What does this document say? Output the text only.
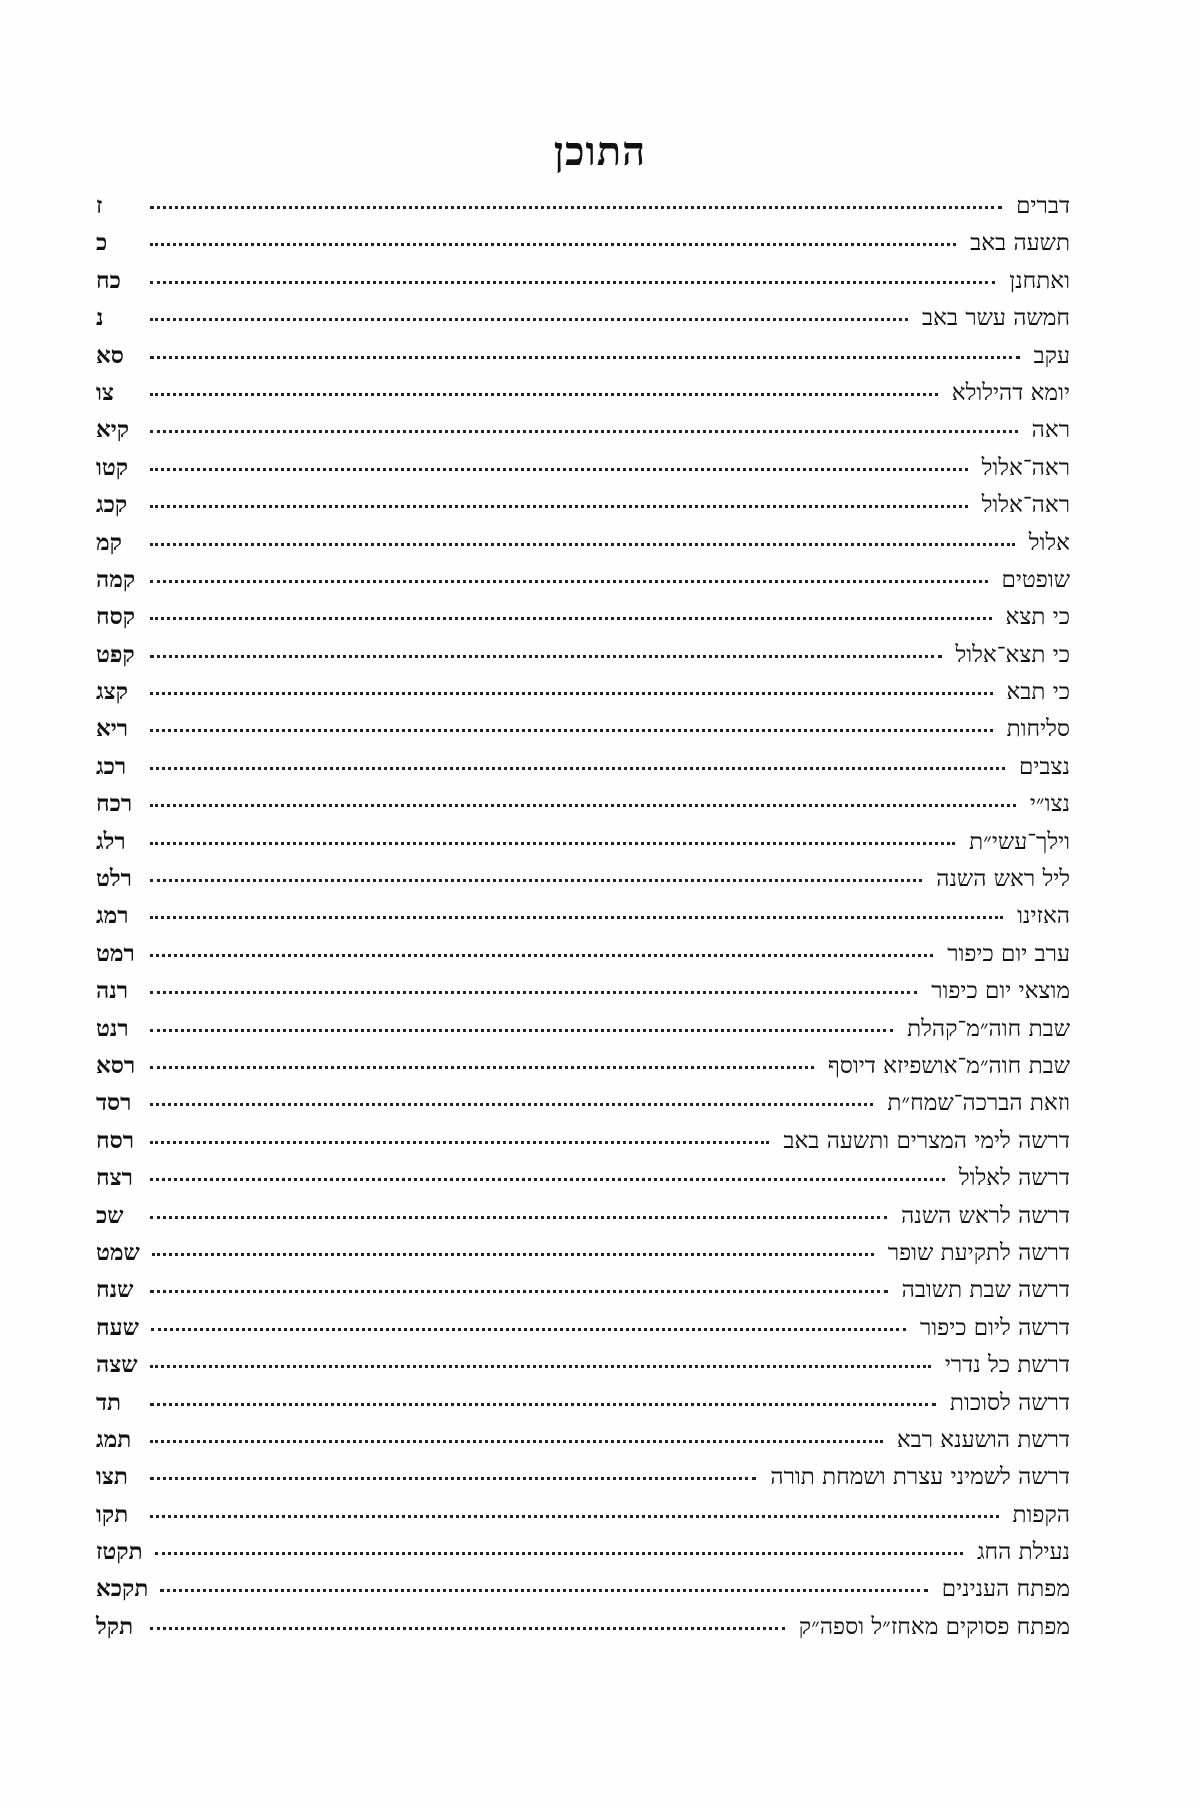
התוכן
דברים
ז
תשעה באב
כ
ואתחנן
כח
חמשה עשר באב
נ
עקב
סא
יומא דהילולא
צו
ראה
קיא
ראה־אלול
קטו
ראה־אלול
קכג
אלול
קמ
שופטים
קמה
כי תצא
קסח
כי תצא־אלול
קפט
כי תבא
קצג
סליחות
ריא
נצבים
רכג
נצו״י
רכח
וילך־עשי״ת
רלג
ליל ראש השנה
רלט
האזינו
רמג
ערב יום כיפור
רמט
מוצאי יום כיפור
רנה
שבת חוה״מ־קהלת
רנט
שבת חוה״מ־אושפיזא דיוסף
רסא
וזאת הברכה־שמח״ת
רסד
דרשה לימי המצרים ותשעה באב
רסח
דרשה לאלול
רצח
דרשה לראש השנה
שכ
דרשה לתקיעת שופר
שמט
דרשה שבת תשובה
שנח
דרשה ליום כיפור
שעח
דרשת כל נדרי
שצה
דרשה לסוכות
תד
דרשת הושענא רבא
תמג
דרשה לשמיני עצרת ושמחת תורה
תצו
הקפות
תקו
נעילת החג
תקטז
מפתח הענינים
תקכא
מפתח פסוקים מאחז״ל וספה״ק
תקל
